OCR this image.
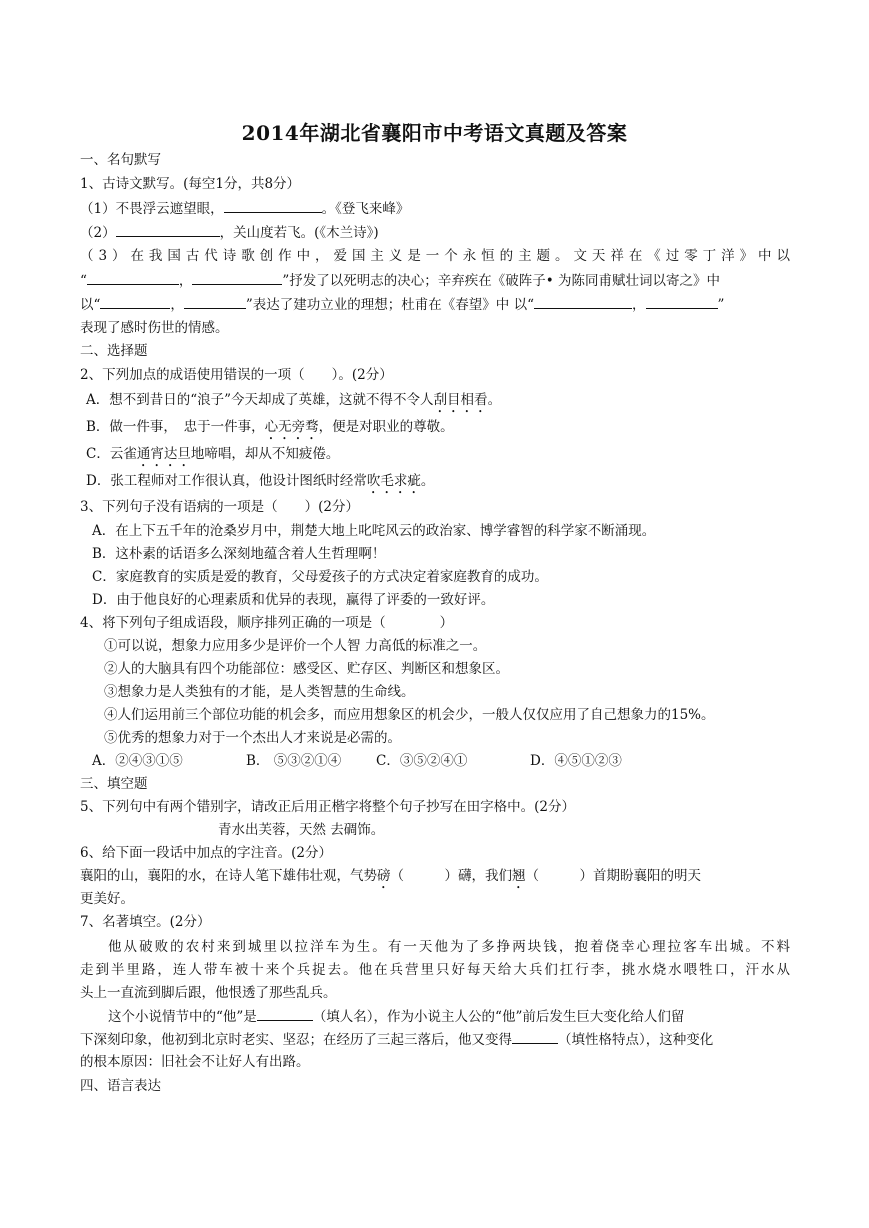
2014年湖北省襄阳市中考语文真题及答案
一、名句默写
1、古诗文默写。(每空1分，共8分）
（1）不畏浮云遮望眼，	。《登飞来峰》
（2）	，关山度若飞。(《木兰诗》)
（3）在我国古代诗歌创作中，爱国主义是一个永恒的主题。文天祥在《过零丁洋》中以
“	，	”抒发了以死明志的决心；辛弃疾在《破阵子• 为陈同甫赋壮词以寄之》中
以“	，	”表达了建功立业的理想；杜甫在《春望》中 以“	，	”
表现了感时伤世的情感。
二、选择题
2、下列加点的成语使用错误的一项（　　）。(2分）
A．想不到昔日的“浪子”今天却成了英雄，这就不得不令人刮目相看。
B．做一件事，　忠于一件事，心无旁骛，便是对职业的尊敬。
C．云雀通宵达旦地啼唱，却从不知疲倦。
D．张工程师对工作很认真，他设计图纸时经常吹毛求疵。
3、下列句子没有语病的一项是（　　）(2分）
A．在上下五千年的沧桑岁月中，荆楚大地上叱咤风云的政治家、博学睿智的科学家不断涌现。
B．这朴素的话语多么深刻地蕴含着人生哲理啊！
C．家庭教育的实质是爱的教育，父母爱孩子的方式决定着家庭教育的成功。
D．由于他良好的心理素质和优异的表现，赢得了评委的一致好评。
4、将下列句子组成语段，顺序排列正确的一项是（　　　　）
①可以说，想象力应用多少是评价一个人智 力高低的标准之一。
②人的大脑具有四个功能部位：感受区、贮存区、判断区和想象区。
③想象力是人类独有的才能，是人类智慧的生命线。
④人们运用前三个部位功能的机会多，而应用想象区的机会少，一般人仅仅应用了自己想象力的15%。
⑤优秀的想象力对于一个杰出人才来说是必需的。
A．②④③①⑤	B． ⑤③②①④	C．③⑤②④①	D．④⑤①②③
三、填空题
5、下列句中有两个错别字，请改正后用正楷字将整个句子抄写在田字格中。(2分）
青水出芙蓉，天然 去碉饰。
6、给下面一段话中加点的字注音。(2分）
襄阳的山，襄阳的水，在诗人笔下雄伟壮观，气势磅（　　　）礴，我们翘（　　　）首期盼襄阳的明天
更美好。
7、名著填空。(2分）
他从破败的农村来到城里以拉洋车为生。有一天他为了多挣两块钱，抱着侥幸心理拉客车出城。不料
走到半里路，连人带车被十来个兵捉去。他在兵营里只好每天给大兵们扛行李，挑水烧水喂牲口，汗水从
头上一直流到脚后跟，他恨透了那些乱兵。
这个小说情节中的“他”是	（填人名），作为小说主人公的“他”前后发生巨大变化给人们留
下深刻印象，他初到北京时老实、坚忍；在经历了三起三落后，他又变得	（填性格特点），这种变化
的根本原因：旧社会不让好人有出路。
四、语言表达
